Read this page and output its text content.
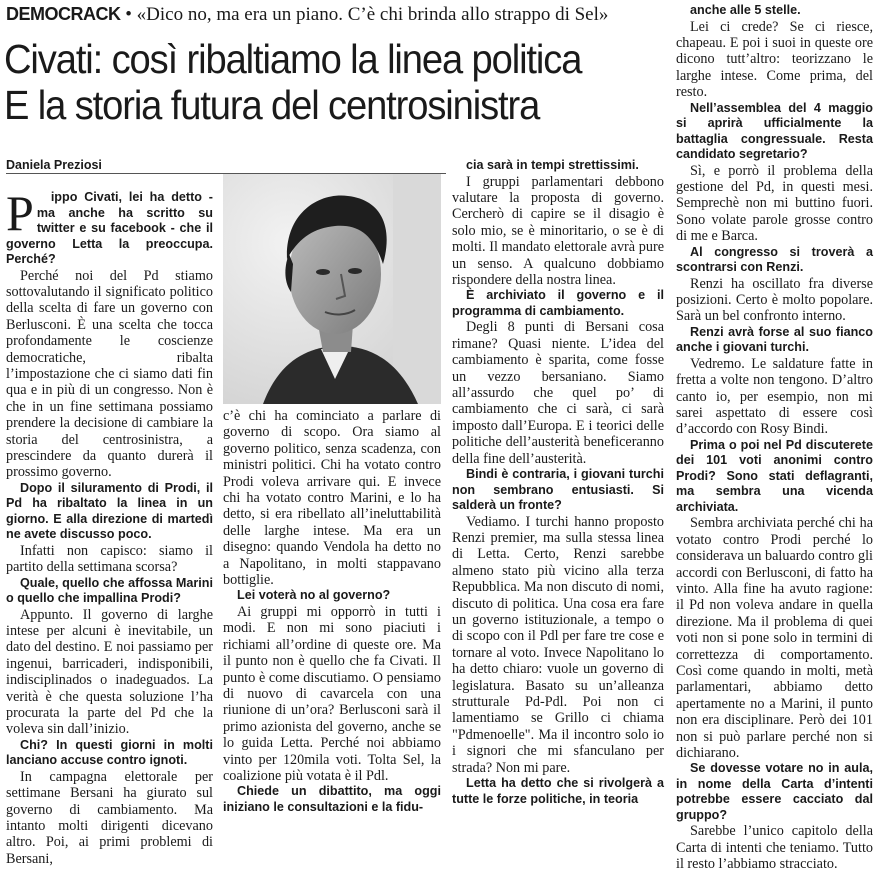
DEMOCRACK • «Dico no, ma era un piano. C’è chi brinda allo strappo di Sel»
Civati: così ribaltiamo la linea politica
E la storia futura del centrosinistra
Daniela Preziosi
P	ippo Civati, lei ha detto - ma anche ha scritto su twitter e su facebook - che il governo Letta la preoccupa. Perché?

Perché noi del Pd stiamo sottovalutando il significato politico della scelta di fare un governo con Berlusconi. È una scelta che tocca profondamente le coscienze democratiche, ribalta l’impostazione che ci siamo dati fin qua e in più di un congresso. Non è che in un fine settimana possiamo prendere la decisione di cambiare la storia del centrosinistra, a prescindere da quanto durerà il prossimo governo.

Dopo il siluramento di Prodi, il Pd ha ribaltato la linea in un giorno. E alla direzione di martedì ne avete discusso poco.

Infatti non capisco: siamo il partito della settimana scorsa?

Quale, quello che affossa Marini o quello che impallina Prodi?

Appunto. Il governo di larghe intese per alcuni è inevitabile, un dato del destino. E noi passiamo per ingenui, barricaderi, indisponibili, indisciplinados o inadeguados. La verità è che questa soluzione l’ha procurata la parte del Pd che la voleva sin dall’inizio.

Chi? In questi giorni in molti lanciano accuse contro ignoti.

In campagna elettorale per settimane Bersani ha giurato sul governo di cambiamento. Ma intanto molti dirigenti dicevano altro. Poi, ai primi problemi di Bersani,

c’è chi ha cominciato a parlare di governo di scopo. Ora siamo al governo politico, senza scadenza, con ministri politici. Chi ha votato contro Prodi voleva arrivare qui. E invece chi ha votato contro Marini, e lo ha detto, si era ribellato all’ineluttabilità delle larghe intese. Ma era un disegno: quando Vendola ha detto no a Napolitano, in molti stappavano bottiglie.

Lei voterà no al governo?

Ai gruppi mi opporrò in tutti i modi. E non mi sono piaciuti i richiami all’ordine di queste ore. Ma il punto non è quello che fa Civati. Il punto è come discutiamo. O pensiamo di nuovo di cavarcela con una riunione di un’ora? Berlusconi sarà il primo azionista del governo, anche se lo guida Letta. Perché noi abbiamo vinto per 120mila voti. Tolta Sel, la coalizione più votata è il Pdl.

Chiede un dibattito, ma oggi iniziano le consultazioni e la fidu-

cia sarà in tempi strettissimi.

I gruppi parlamentari debbono valutare la proposta di governo. Cercherò di capire se il disagio è solo mio, se è minoritario, o se è di molti. Il mandato elettorale avrà pure un senso. A qualcuno dobbiamo rispondere della nostra linea.

È archiviato il governo e il programma di cambiamento.

Degli 8 punti di Bersani cosa rimane? Quasi niente. L’idea del cambiamento è sparita, come fosse un vezzo bersaniano. Siamo all’assurdo che quel po’ di cambiamento che ci sarà, ci sarà imposto dall’Europa. E i teorici delle politiche dell’austerità beneficeranno della fine dell’austerità.

Bindi è contraria, i giovani turchi non sembrano entusiasti. Si salderà un fronte?

Vediamo. I turchi hanno proposto Renzi premier, ma sulla stessa linea di Letta. Certo, Renzi sarebbe almeno stato più vicino alla terza Repubblica. Ma non discuto di nomi, discuto di politica. Una cosa era fare un governo istituzionale, a tempo o di scopo con il Pdl per fare tre cose e tornare al voto. Invece Napolitano lo ha detto chiaro: vuole un governo di legislatura. Basato su un’alleanza strutturale Pd-Pdl. Poi non ci lamentiamo se Grillo ci chiama "Pdmenoelle". Ma il incontro solo io i signori che mi sfanculano per strada? Non mi pare.

Letta ha detto che si rivolgerà a tutte le forze politiche, in teoria

anche alle 5 stelle.

Lei ci crede? Se ci riesce, chapeau. E poi i suoi in queste ore dicono tutt’altro: teorizzano le larghe intese. Come prima, del resto.

Nell’assemblea del 4 maggio si aprirà ufficialmente la battaglia congressuale. Resta candidato segretario?

Sì, e porrò il problema della gestione del Pd, in questi mesi. Semprechè non mi buttino fuori. Sono volate parole grosse contro di me e Barca.

Al congresso si troverà a scontrarsi con Renzi.

Renzi ha oscillato fra diverse posizioni. Certo è molto popolare. Sarà un bel confronto interno.

Renzi avrà forse al suo fianco anche i giovani turchi.

Vedremo. Le saldature fatte in fretta a volte non tengono. D’altro canto io, per esempio, non mi sarei aspettato di essere così d’accordo con Rosy Bindi.

Prima o poi nel Pd discuterete dei 101 voti anonimi contro Prodi? Sono stati deflagranti, ma sembra una vicenda archiviata.

Sembra archiviata perché chi ha votato contro Prodi perché lo considerava un baluardo contro gli accordi con Berlusconi, di fatto ha vinto. Alla fine ha avuto ragione: il Pd non voleva andare in quella direzione. Ma il problema di quei voti non si pone solo in termini di correttezza di comportamento. Così come quando in molti, metà parlamentari, abbiamo detto apertamente no a Marini, il punto non era disciplinare. Però dei 101 non si può parlare perché non si dichiarano.

Se dovesse votare no in aula, in nome della Carta d’intenti potrebbe essere cacciato dal gruppo?

Sarebbe l’unico capitolo della Carta di intenti che teniamo. Tutto il resto l’abbiamo stracciato.
